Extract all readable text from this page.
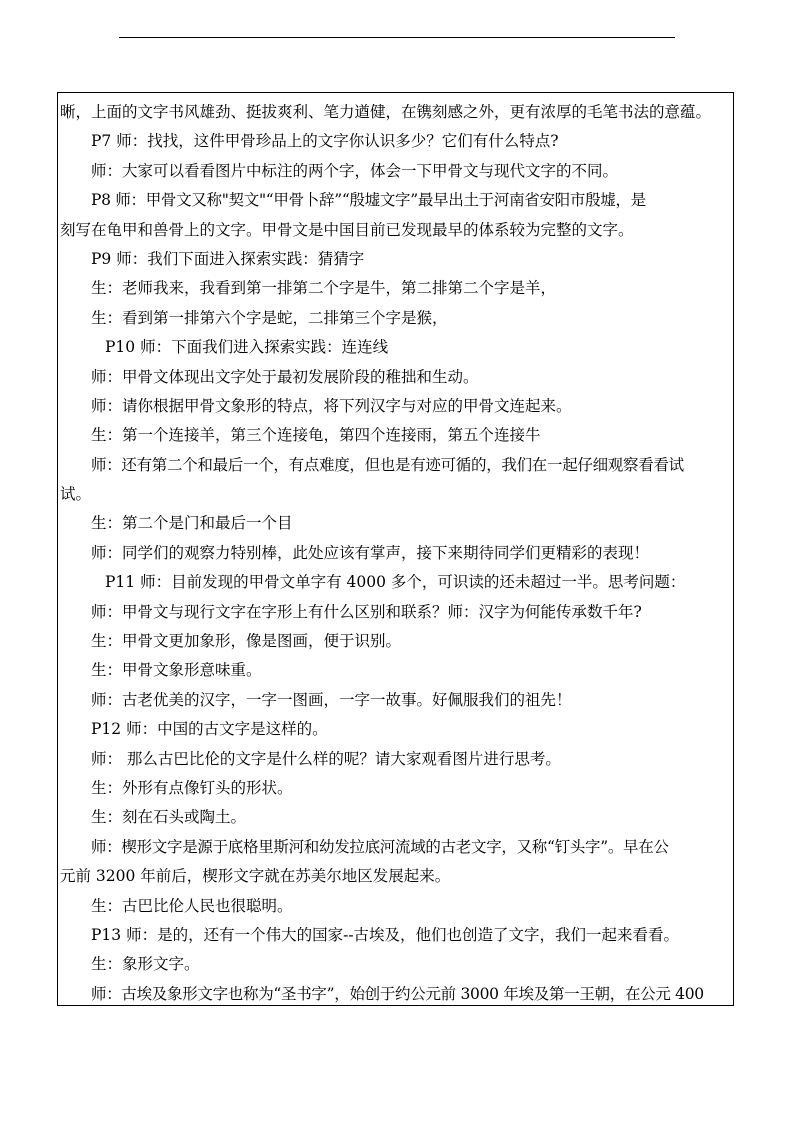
晰，上面的文字书风雄劲、挺拔爽利、笔力遒健，在镌刻感之外，更有浓厚的毛笔书法的意蕴。
P7 师：找找，这件甲骨珍品上的文字你认识多少？它们有什么特点?
师：大家可以看看图片中标注的两个字，体会一下甲骨文与现代文字的不同。
P8 师：甲骨文又称"契文"“甲骨卜辞”“殷墟文字”最早出土于河南省安阳市殷墟，是
刻写在龟甲和兽骨上的文字。甲骨文是中国目前已发现最早的体系较为完整的文字。
P9 师：我们下面进入探索实践：猜猜字
生：老师我来，我看到第一排第二个字是牛，第二排第二个字是羊，
生：看到第一排第六个字是蛇，二排第三个字是猴，
P10 师：下面我们进入探索实践：连连线
师：甲骨文体现出文字处于最初发展阶段的稚拙和生动。
师：请你根据甲骨文象形的特点，将下列汉字与对应的甲骨文连起来。
生：第一个连接羊，第三个连接龟，第四个连接雨，第五个连接牛
师：还有第二个和最后一个，有点难度，但也是有迹可循的，我们在一起仔细观察看看试
试。
生：第二个是门和最后一个目
师：同学们的观察力特别棒，此处应该有掌声，接下来期待同学们更精彩的表现！
P11 师：目前发现的甲骨文单字有 4000 多个，可识读的还未超过一半。思考问题：
师：甲骨文与现行文字在字形上有什么区别和联系？师：汉字为何能传承数千年?
生：甲骨文更加象形，像是图画，便于识别。
生：甲骨文象形意味重。
师：古老优美的汉字，一字一图画，一字一故事。好佩服我们的祖先！
P12 师：中国的古文字是这样的。
师： 那么古巴比伦的文字是什么样的呢？请大家观看图片进行思考。
生：外形有点像钉头的形状。
生：刻在石头或陶土。
师：楔形文字是源于底格里斯河和幼发拉底河流域的古老文字，又称“钉头字”。早在公
元前 3200 年前后，楔形文字就在苏美尔地区发展起来。
生：古巴比伦人民也很聪明。
P13 师：是的，还有一个伟大的国家--古埃及，他们也创造了文字，我们一起来看看。
生：象形文字。
师：古埃及象形文字也称为“圣书字”，始创于约公元前 3000 年埃及第一王朝，在公元 400
